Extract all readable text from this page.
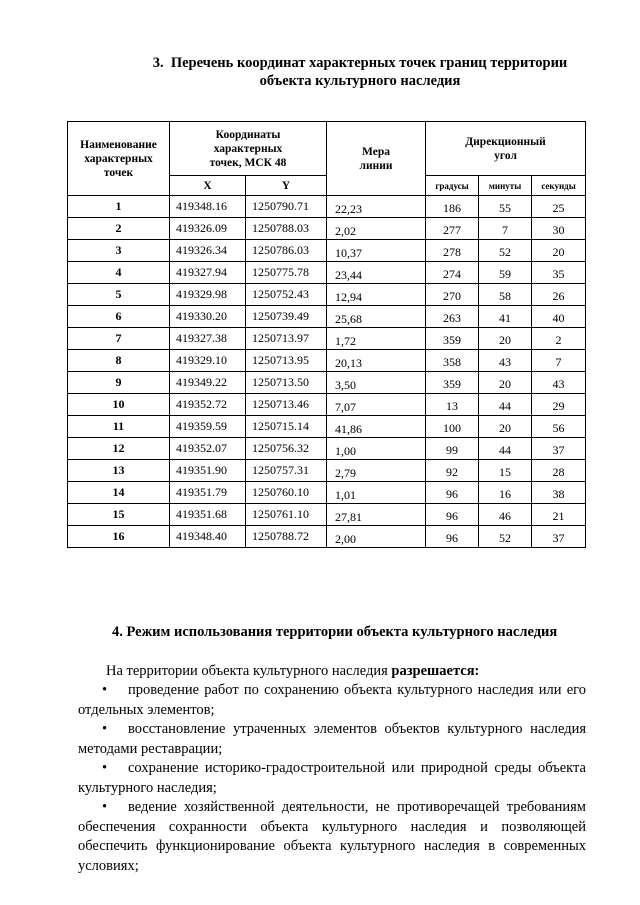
3. Перечень координат характерных точек границ территории
объекта культурного наследия
Наименование характерных точек	Координаты характерных точек, МСК 48		Мера линии	Дирекционный угол		
	X	Y		градусы	минуты	секунды
1	419348.16	1250790.71	22,23	186	55	25
2	419326.09	1250788.03	2,02	277	7	30
3	419326.34	1250786.03	10,37	278	52	20
4	419327.94	1250775.78	23,44	274	59	35
5	419329.98	1250752.43	12,94	270	58	26
6	419330.20	1250739.49	25,68	263	41	40
7	419327.38	1250713.97	1,72	359	20	2
8	419329.10	1250713.95	20,13	358	43	7
9	419349.22	1250713.50	3,50	359	20	43
10	419352.72	1250713.46	7,07	13	44	29
11	419359.59	1250715.14	41,86	100	20	56
12	419352.07	1250756.32	1,00	99	44	37
13	419351.90	1250757.31	2,79	92	15	28
14	419351.79	1250760.10	1,01	96	16	38
15	419351.68	1250761.10	27,81	96	46	21
16	419348.40	1250788.72	2,00	96	52	37
4. Режим использования территории объекта культурного наследия
На территории объекта культурного наследия разрешается:
• проведение работ по сохранению объекта культурного наследия или его отдельных элементов;
• восстановление утраченных элементов объектов культурного наследия методами реставрации;
• сохранение историко-градостроительной или природной среды объекта культурного наследия;
• ведение хозяйственной деятельности, не противоречащей требованиям обеспечения сохранности объекта культурного наследия и позволяющей обеспечить функционирование объекта культурного наследия в современных условиях;
